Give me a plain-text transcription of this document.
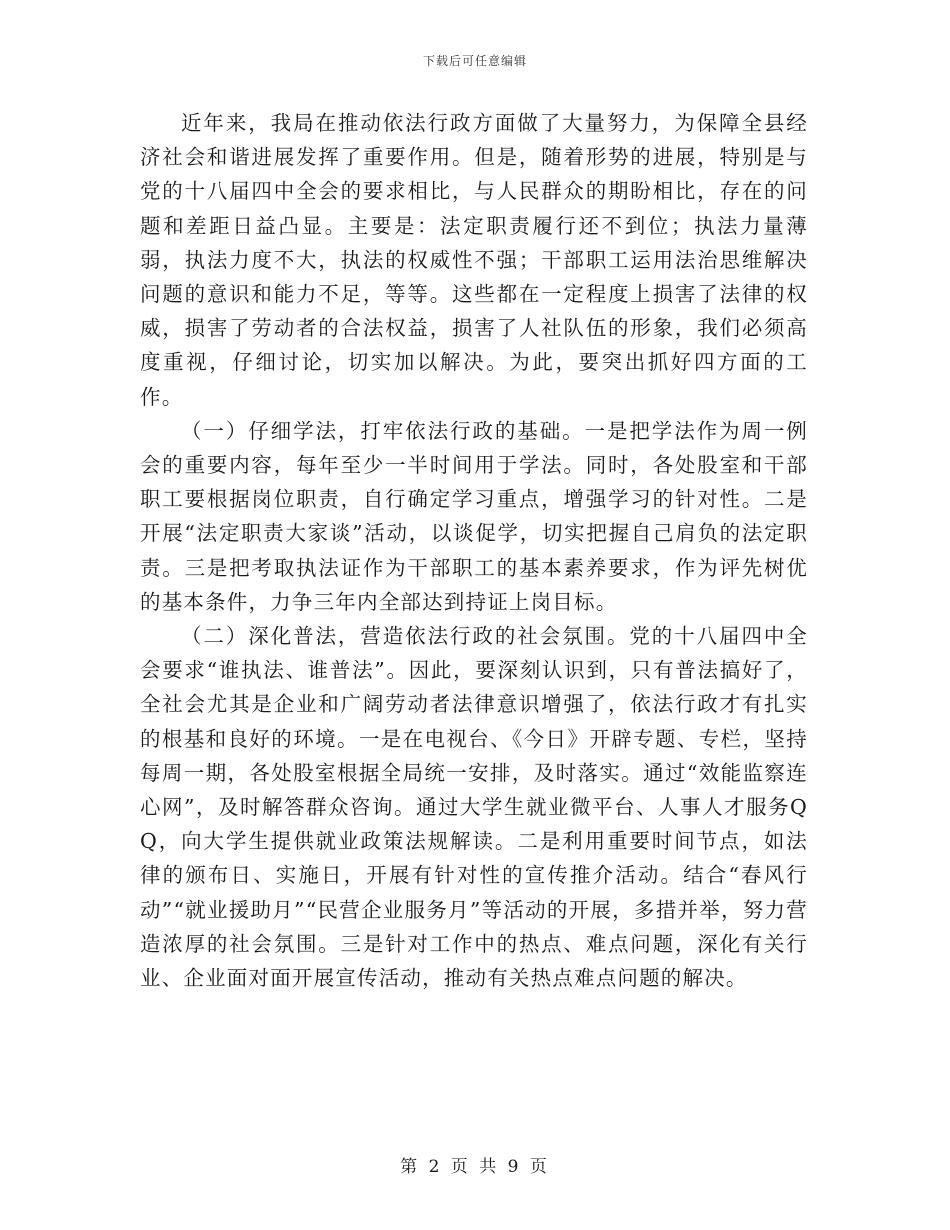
下载后可任意编辑

近年来，我局在推动依法行政方面做了大量努力，为保障全县经济社会和谐进展发挥了重要作用。但是，随着形势的进展，特别是与党的十八届四中全会的要求相比，与人民群众的期盼相比，存在的问题和差距日益凸显。主要是：法定职责履行还不到位；执法力量薄弱，执法力度不大，执法的权威性不强；干部职工运用法治思维解决问题的意识和能力不足，等等。这些都在一定程度上损害了法律的权威，损害了劳动者的合法权益，损害了人社队伍的形象，我们必须高度重视，仔细讨论，切实加以解决。为此，要突出抓好四方面的工作。

（一）仔细学法，打牢依法行政的基础。一是把学法作为周一例会的重要内容，每年至少一半时间用于学法。同时，各处股室和干部职工要根据岗位职责，自行确定学习重点，增强学习的针对性。二是开展“法定职责大家谈”活动，以谈促学，切实把握自己肩负的法定职责。三是把考取执法证作为干部职工的基本素养要求，作为评先树优的基本条件，力争三年内全部达到持证上岗目标。

（二）深化普法，营造依法行政的社会氛围。党的十八届四中全会要求“谁执法、谁普法”。因此，要深刻认识到，只有普法搞好了，全社会尤其是企业和广阔劳动者法律意识增强了，依法行政才有扎实的根基和良好的环境。一是在电视台、《今日》开辟专题、专栏，坚持每周一期，各处股室根据全局统一安排，及时落实。通过“效能监察连心网”，及时解答群众咨询。通过大学生就业微平台、人事人才服务QQ，向大学生提供就业政策法规解读。二是利用重要时间节点，如法律的颁布日、实施日，开展有针对性的宣传推介活动。结合“春风行动”“就业援助月”“民营企业服务月”等活动的开展，多措并举，努力营造浓厚的社会氛围。三是针对工作中的热点、难点问题，深化有关行业、企业面对面开展宣传活动，推动有关热点难点问题的解决。

第 2 页 共 9 页
